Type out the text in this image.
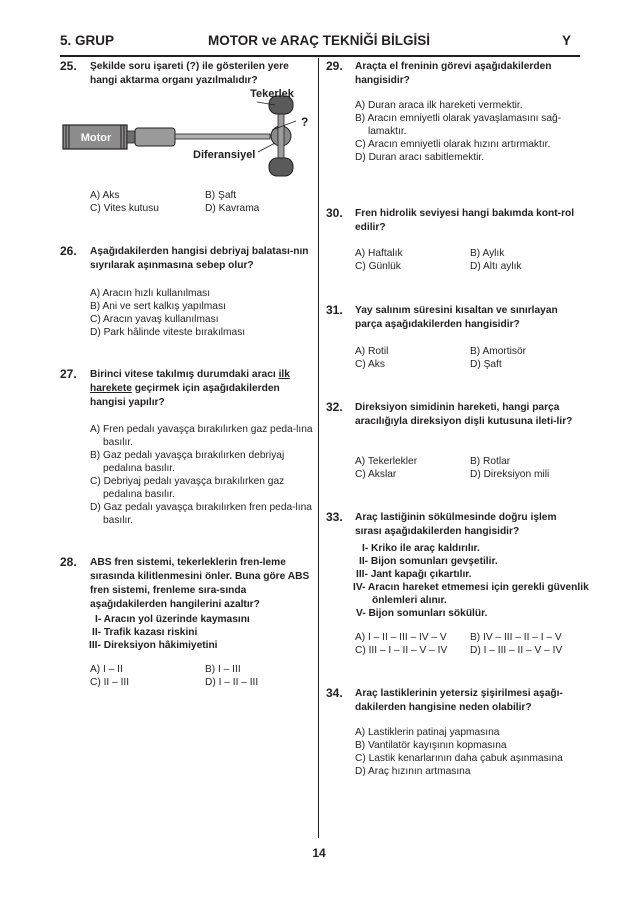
5. GRUP	MOTOR ve ARAÇ TEKNİĞİ BİLGİSİ	Y
25. Şekilde soru işareti (?) ile gösterilen yere hangi aktarma organı yazılmalıdır?
Motor
Tekerlek
?
Diferansiyel
A) Aks	B) Şaft
C) Vites kutusu	D) Kavrama
26. Aşağıdakilerden hangisi debriyaj balatası-nın sıyrılarak aşınmasına sebep olur?
A) Aracın hızlı kullanılması
B) Ani ve sert kalkış yapılması
C) Aracın yavaş kullanılması
D) Park hâlinde viteste bırakılması
27. Birinci vitese takılmış durumdaki aracı ilk harekete geçirmek için aşağıdakilerden hangisi yapılır?
A) Fren pedalı yavaşça bırakılırken gaz peda-lına basılır.
B) Gaz pedalı yavaşça bırakılırken debriyaj pedalına basılır.
C) Debriyaj pedalı yavaşça bırakılırken gaz pedalına basılır.
D) Gaz pedalı yavaşça bırakılırken fren peda-lına basılır.
28. ABS fren sistemi, tekerleklerin fren-leme sırasında kilitlenmesini önler. Buna göre ABS fren sistemi, frenleme sıra-sında aşağıdakilerden hangilerini azaltır?
I- Aracın yol üzerinde kaymasını
II- Trafik kazası riskini
III- Direksiyon hâkimiyetini
A) I – II	B) I – III
C) II – III	D) I – II – III
29. Araçta el freninin görevi aşağıdakilerden hangisidir?
A) Duran araca ilk hareketi vermektir.
B) Aracın emniyetli olarak yavaşlamasını sağ-lamaktır.
C) Aracın emniyetli olarak hızını artırmaktır.
D) Duran aracı sabitlemektir.
30. Fren hidrolik seviyesi hangi bakımda kont-rol edilir?
A) Haftalık	B) Aylık
C) Günlük	D) Altı aylık
31. Yay salınım süresini kısaltan ve sınırlayan parça aşağıdakilerden hangisidir?
A) Rotil	B) Amortisör
C) Aks	D) Şaft
32. Direksiyon simidinin hareketi, hangi parça aracılığıyla direksiyon dişli kutusuna ileti-lir?
A) Tekerlekler	B) Rotlar
C) Akslar	D) Direksiyon mili
33. Araç lastiğinin sökülmesinde doğru işlem sırası aşağıdakilerden hangisidir?
I- Kriko ile araç kaldırılır.
II- Bijon somunları gevşetilir.
III- Jant kapağı çıkartılır.
IV- Aracın hareket etmemesi için gerekli güvenlik önlemleri alınır.
V- Bijon somunları sökülür.
A) I – II – III – IV – V B) IV – III – II – I – V
C) III – I – II – V – IV D) I – III – II – V – IV
34. Araç lastiklerinin yetersiz şişirilmesi aşağı-dakilerden hangisine neden olabilir?
A) Lastiklerin patinaj yapmasına
B) Vantilatör kayışının kopmasına
C) Lastik kenarlarının daha çabuk aşınmasına
D) Araç hızının artmasına
14
